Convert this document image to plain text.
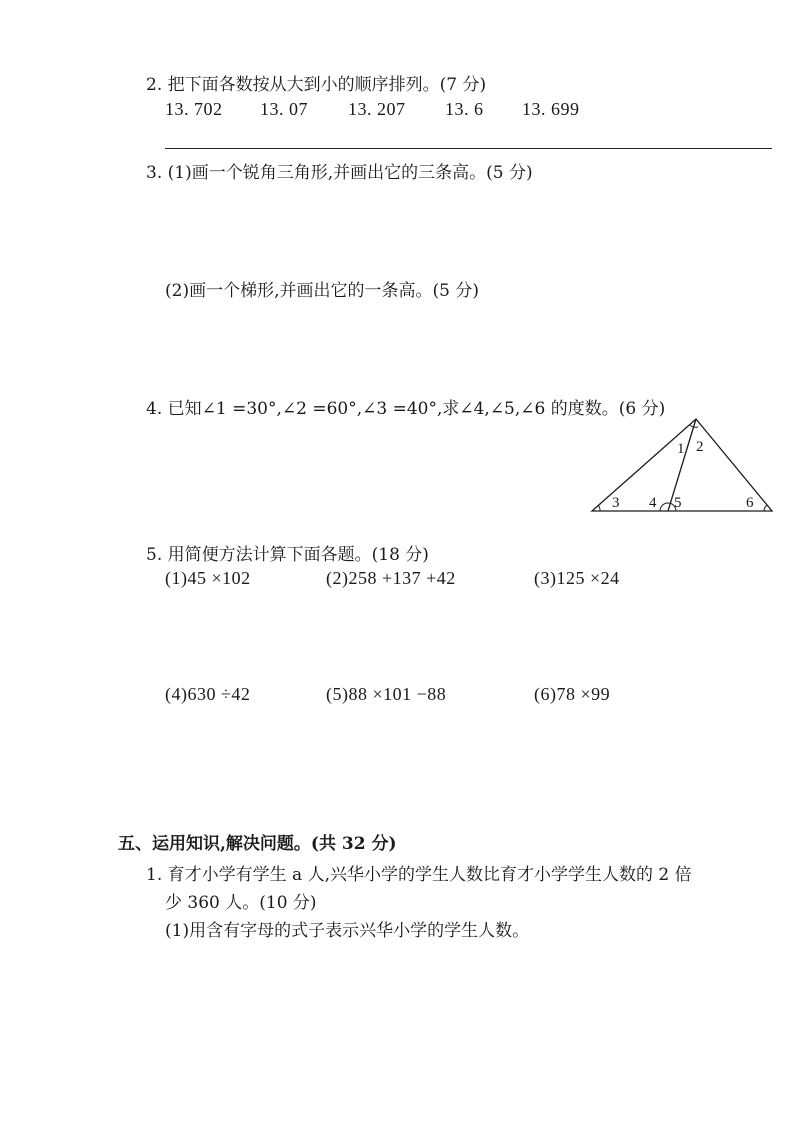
2. 把下面各数按从大到小的顺序排列。(7 分)
13. 702 13. 07 13. 207 13. 6 13. 699
3. (1)画一个锐角三角形,并画出它的三条高。(5 分)
(2)画一个梯形,并画出它的一条高。(5 分)
4. 已知∠1 =30°,∠2 =60°,∠3 =40°,求∠4,∠5,∠6 的度数。(6 分)
1 2
3 4 5	6
5. 用简便方法计算下面各题。(18 分)
(1)45 ×102	(2)258 +137 +42	(3)125 ×24
(4)630 ÷42	(5)88 ×101 −88	(6)78 ×99
五、运用知识,解决问题。(共 32 分)
1. 育才小学有学生 a 人,兴华小学的学生人数比育才小学学生人数的 2 倍
少 360 人。(10 分)
(1)用含有字母的式子表示兴华小学的学生人数。
